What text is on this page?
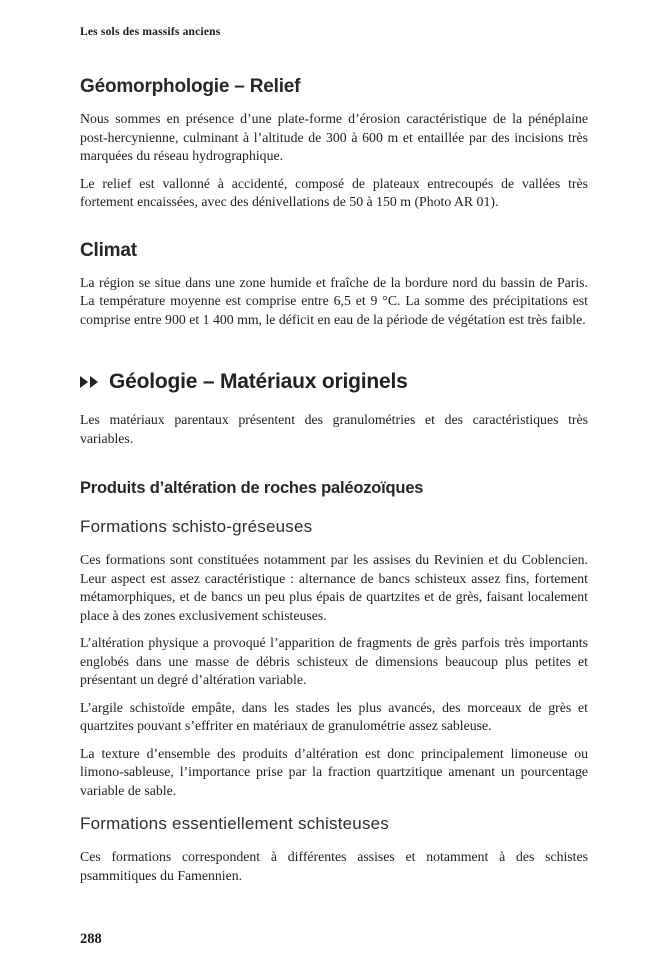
Les sols des massifs anciens
Géomorphologie – Relief

Nous sommes en présence d’une plate-forme d’érosion caractéristique de la pénéplaine post-hercynienne, culminant à l’altitude de 300 à 600 m et entaillée par des incisions très marquées du réseau hydrographique.

Le relief est vallonné à accidenté, composé de plateaux entrecoupés de vallées très fortement encaissées, avec des dénivellations de 50 à 150 m (Photo AR 01).

Climat

La région se situe dans une zone humide et fraîche de la bordure nord du bassin de Paris. La température moyenne est comprise entre 6,5 et 9 °C. La somme des précipitations est comprise entre 900 et 1 400 mm, le déficit en eau de la période de végétation est très faible.

Géologie – Matériaux originels

Les matériaux parentaux présentent des granulométries et des caractéristiques très variables.

Produits d’altération de roches paléozoïques
Formations schisto-gréseuses

Ces formations sont constituées notamment par les assises du Revinien et du Coblencien. Leur aspect est assez caractéristique : alternance de bancs schisteux assez fins, fortement métamorphiques, et de bancs un peu plus épais de quartzites et de grès, faisant localement place à des zones exclusivement schisteuses.

L’altération physique a provoqué l’apparition de fragments de grès parfois très importants englobés dans une masse de débris schisteux de dimensions beaucoup plus petites et présentant un degré d’altération variable.

L’argile schistoïde empâte, dans les stades les plus avancés, des morceaux de grès et quartzites pouvant s’effriter en matériaux de granulométrie assez sableuse.

La texture d’ensemble des produits d’altération est donc principalement limoneuse ou limono-sableuse, l’importance prise par la fraction quartzitique amenant un pourcentage variable de sable.

Formations essentiellement schisteuses

Ces formations correspondent à différentes assises et notamment à des schistes psammitiques du Famennien.

288
